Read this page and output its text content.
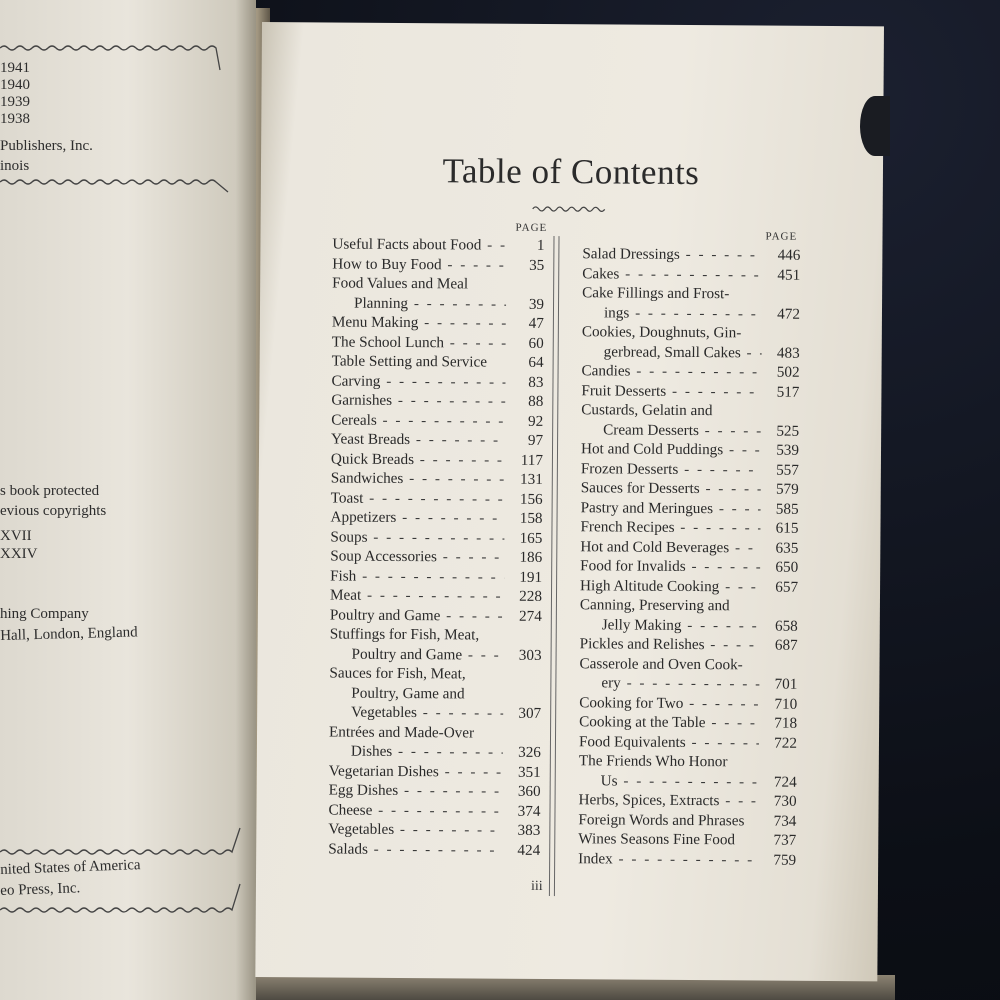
1941
1940
1939
1938
Publishers, Inc.
inois
s book protected
evious copyrights
XVII
XXIV
hing Company
Hall, London, England
nited States of America
eo Press, Inc.
Table of Contents
PAGE
PAGE
Useful Facts about Food - - -	1
How to Buy Food - - -	35
Food Values and Meal
Planning - - -	39
Menu Making - - -	47
The School Lunch - - -	60
Table Setting and Service	64
Carving - - -	83
Garnishes - - -	88
Cereals - - -	92
Yeast Breads - - -	97
Quick Breads - - -	117
Sandwiches - - -	131
Toast - - -	156
Appetizers - - -	158
Soups - - -	165
Soup Accessories - - -	186
Fish - - -	191
Meat - - -	228
Poultry and Game - - -	274
Stuffings for Fish, Meat,
Poultry and Game - - -	303
Sauces for Fish, Meat,
Poultry, Game and
Vegetables - - -	307
Entrées and Made-Over
Dishes - - -	326
Vegetarian Dishes - - -	351
Egg Dishes - - -	360
Cheese - - -	374
Vegetables - - -	383
Salads - - -	424
Salad Dressings - - -	446
Cakes - - -	451
Cake Fillings and Frost-
ings - - -	472
Cookies, Doughnuts, Gin-
gerbread, Small Cakes - - -	483
Candies - - -	502
Fruit Desserts - - -	517
Custards, Gelatin and
Cream Desserts - - -	525
Hot and Cold Puddings - - -	539
Frozen Desserts - - -	557
Sauces for Desserts - - -	579
Pastry and Meringues - - -	585
French Recipes - - -	615
Hot and Cold Beverages - - -	635
Food for Invalids - - -	650
High Altitude Cooking - - -	657
Canning, Preserving and
Jelly Making - - -	658
Pickles and Relishes - - -	687
Casserole and Oven Cook-
ery - - -	701
Cooking for Two - - -	710
Cooking at the Table - - -	718
Food Equivalents - - -	722
The Friends Who Honor
Us - - -	724
Herbs, Spices, Extracts - - -	730
Foreign Words and Phrases	734
Wines Seasons Fine Food	737
Index - - -	759
iii
